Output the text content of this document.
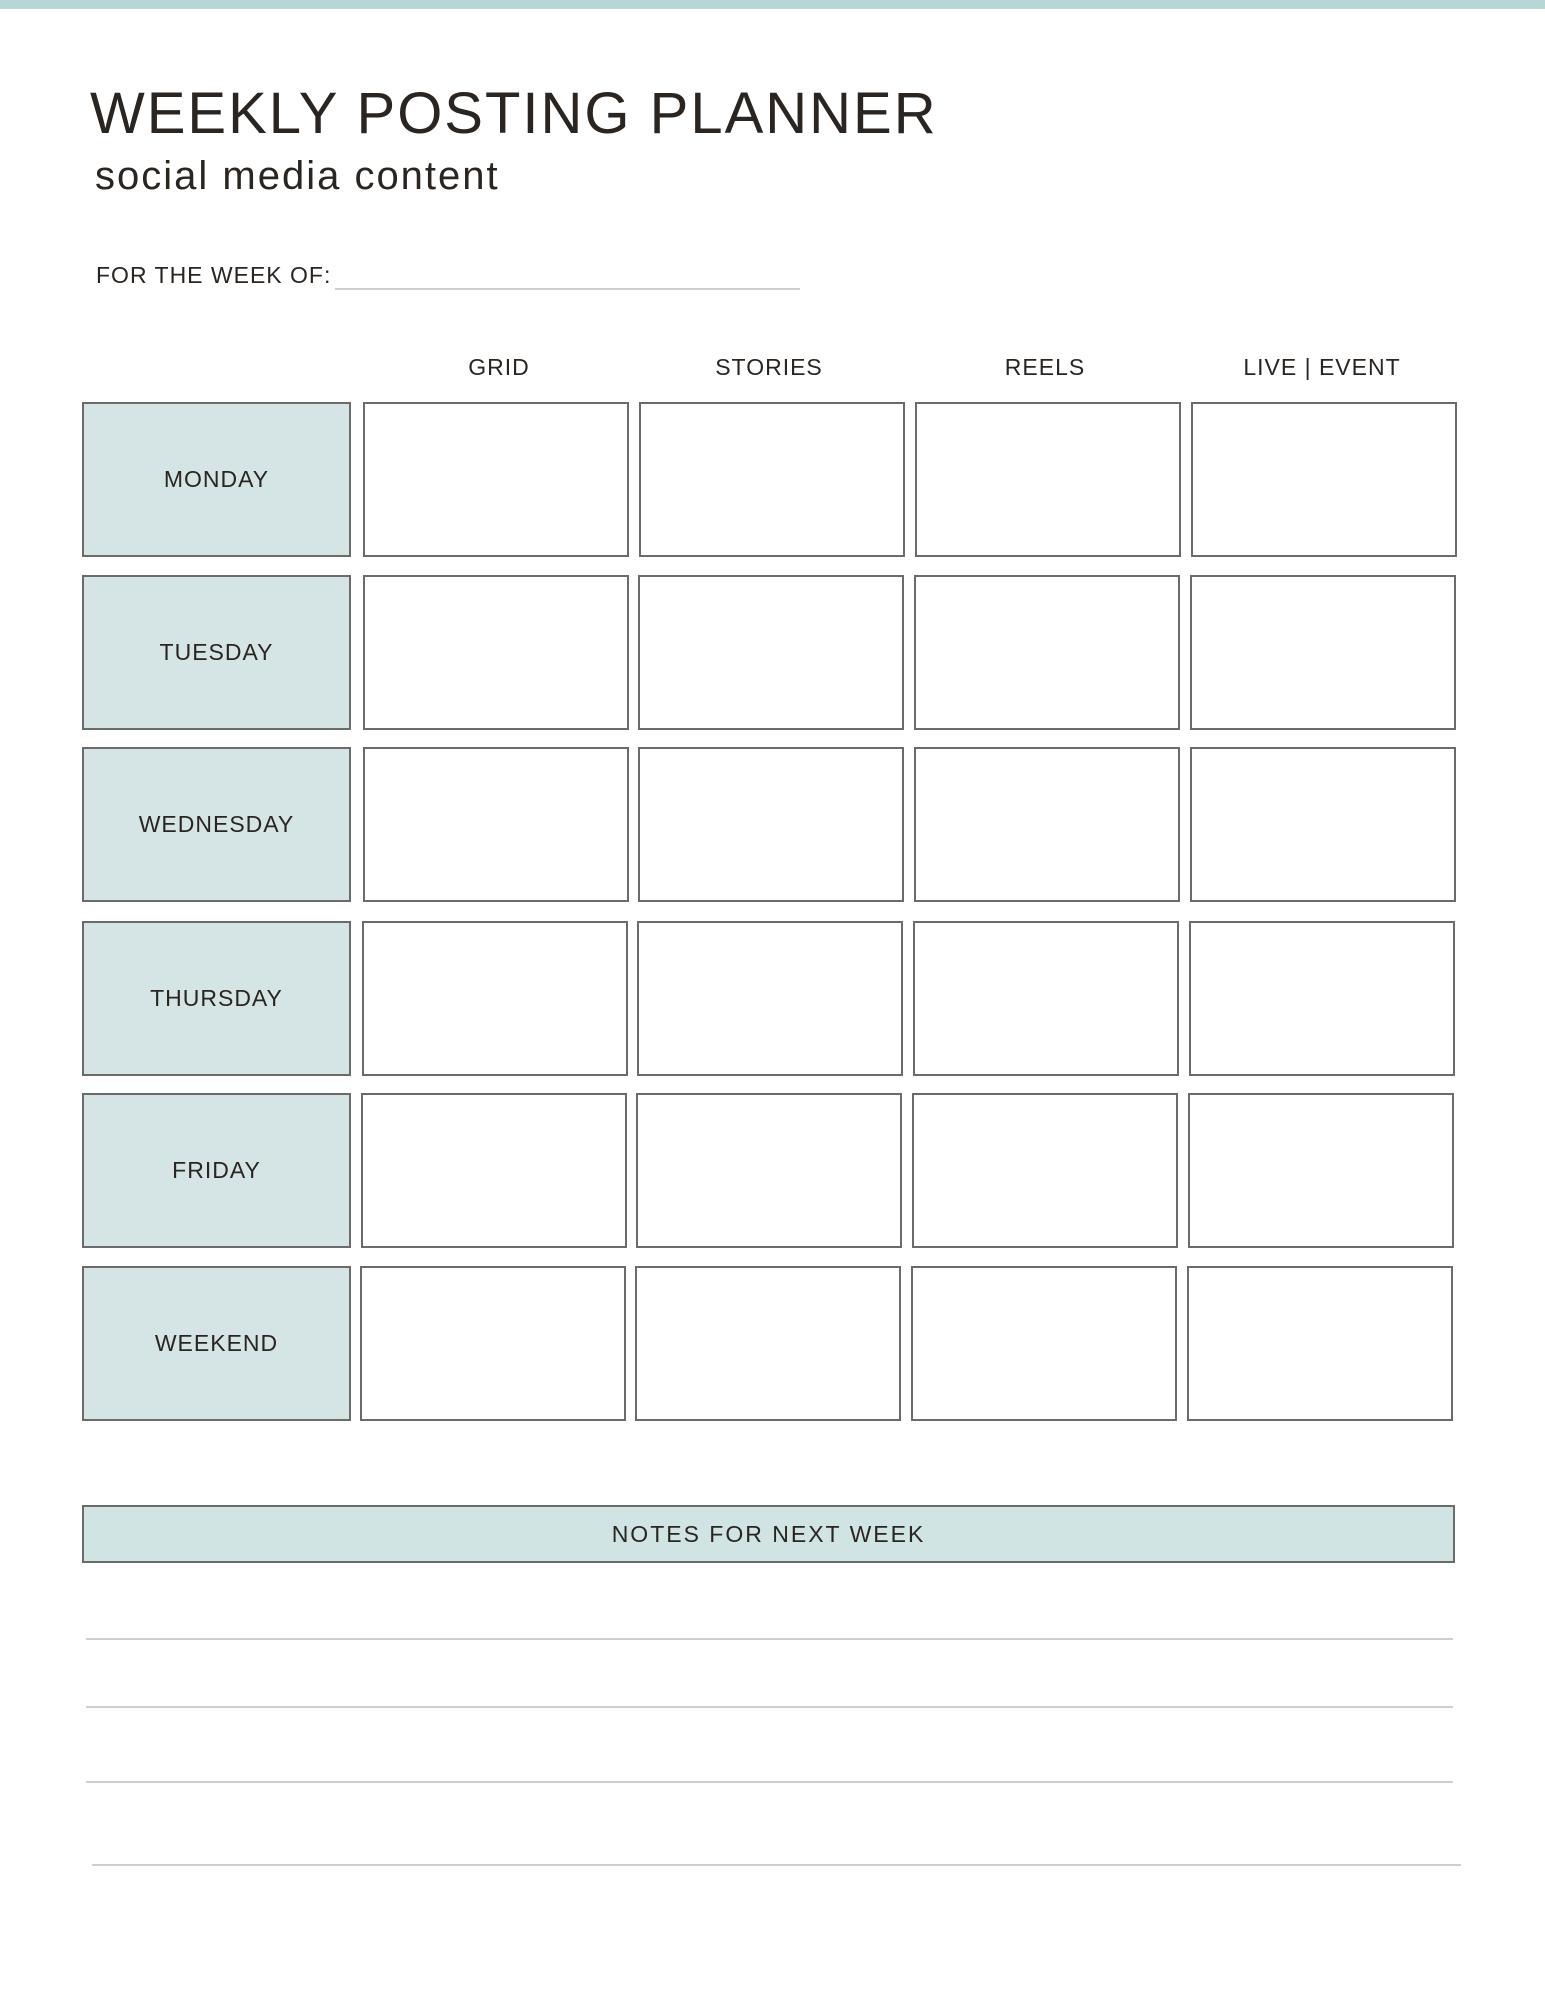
WEEKLY POSTING PLANNER
social media content
FOR THE WEEK OF:
GRID	STORIES	REELS	LIVE | EVENT
MONDAY
TUESDAY
WEDNESDAY
THURSDAY
FRIDAY
WEEKEND
NOTES FOR NEXT WEEK
